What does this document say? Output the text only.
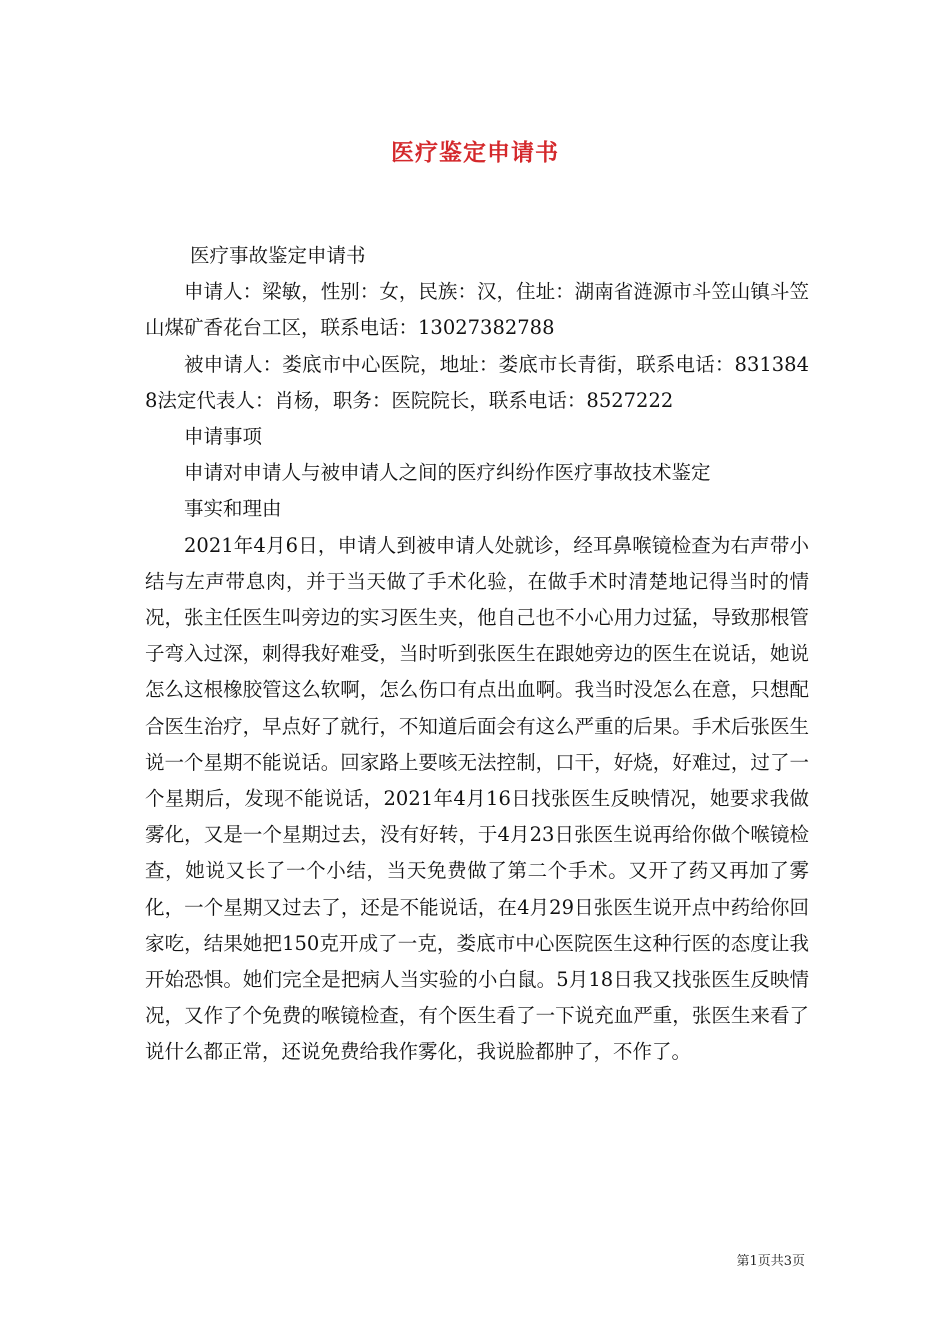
医疗鉴定申请书

医疗事故鉴定申请书

申请人：梁敏，性别：女，民族：汉，住址：湖南省涟源市斗笠山镇斗笠山煤矿香花台工区，联系电话：13027382788

被申请人：娄底市中心医院，地址：娄底市长青街，联系电话：8313848法定代表人：肖杨，职务：医院院长，联系电话：8527222

申请事项

申请对申请人与被申请人之间的医疗纠纷作医疗事故技术鉴定

事实和理由

2021年4月6日，申请人到被申请人处就诊，经耳鼻喉镜检查为右声带小结与左声带息肉，并于当天做了手术化验，在做手术时清楚地记得当时的情况，张主任医生叫旁边的实习医生夹，他自己也不小心用力过猛，导致那根管子弯入过深，刺得我好难受，当时听到张医生在跟她旁边的医生在说话，她说怎么这根橡胶管这么软啊，怎么伤口有点出血啊。我当时没怎么在意，只想配合医生治疗，早点好了就行，不知道后面会有这么严重的后果。手术后张医生说一个星期不能说话。回家路上要咳无法控制，口干，好烧，好难过，过了一个星期后，发现不能说话，2021年4月16日找张医生反映情况，她要求我做雾化，又是一个星期过去，没有好转，于4月23日张医生说再给你做个喉镜检查，她说又长了一个小结，当天免费做了第二个手术。又开了药又再加了雾化，一个星期又过去了，还是不能说话，在4月29日张医生说开点中药给你回家吃，结果她把150克开成了一克，娄底市中心医院医生这种行医的态度让我开始恐惧。她们完全是把病人当实验的小白鼠。5月18日我又找张医生反映情况，又作了个免费的喉镜检查，有个医生看了一下说充血严重，张医生来看了说什么都正常，还说免费给我作雾化，我说脸都肿了，不作了。

第1页共3页
